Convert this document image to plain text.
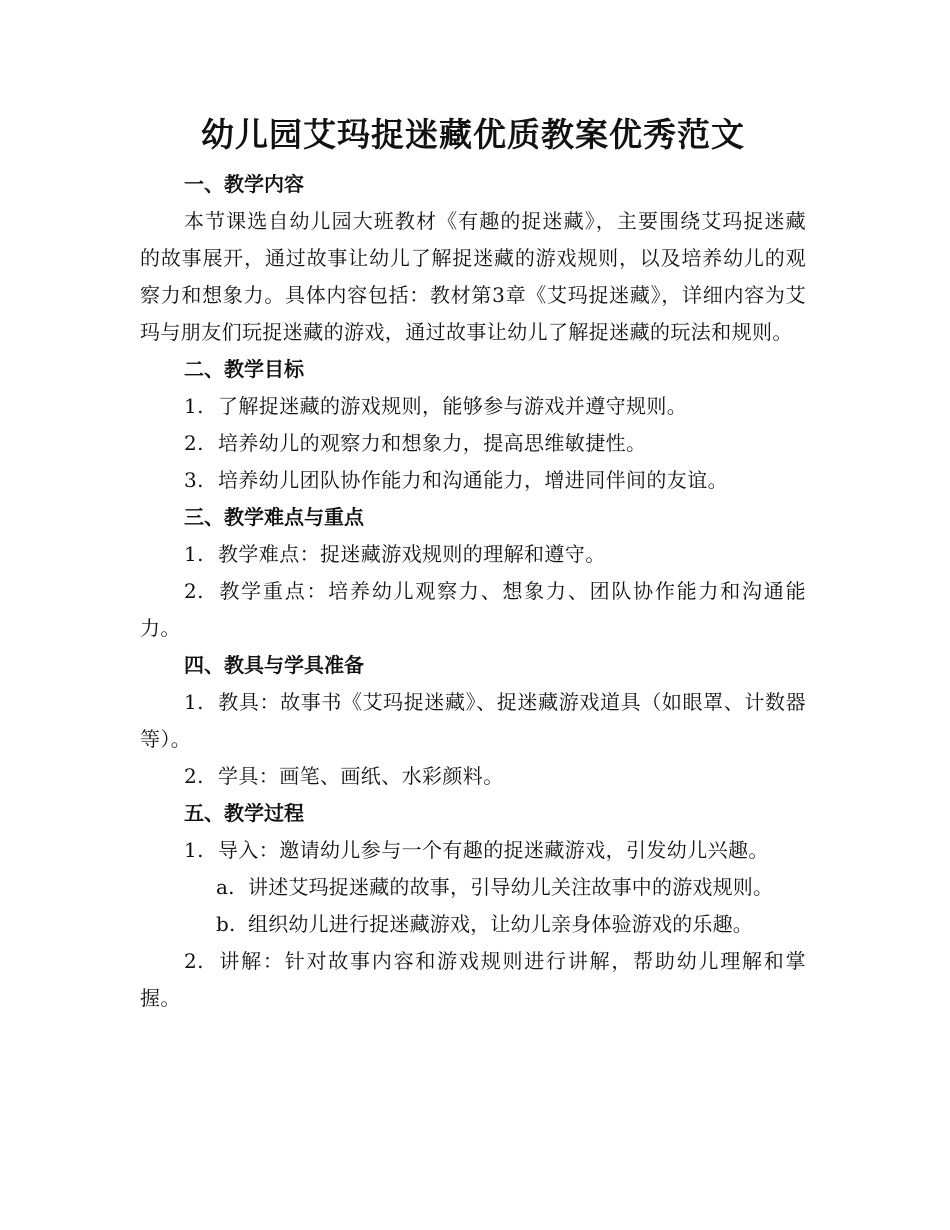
幼儿园艾玛捉迷藏优质教案优秀范文

一、教学内容

本节课选自幼儿园大班教材《有趣的捉迷藏》，主要围绕艾玛捉迷藏的故事展开，通过故事让幼儿了解捉迷藏的游戏规则，以及培养幼儿的观察力和想象力。具体内容包括：教材第3章《艾玛捉迷藏》，详细内容为艾玛与朋友们玩捉迷藏的游戏，通过故事让幼儿了解捉迷藏的玩法和规则。

二、教学目标

1. 了解捉迷藏的游戏规则，能够参与游戏并遵守规则。

2. 培养幼儿的观察力和想象力，提高思维敏捷性。

3. 培养幼儿团队协作能力和沟通能力，增进同伴间的友谊。

三、教学难点与重点

1. 教学难点：捉迷藏游戏规则的理解和遵守。

2. 教学重点：培养幼儿观察力、想象力、团队协作能力和沟通能力。

四、教具与学具准备

1. 教具：故事书《艾玛捉迷藏》、捉迷藏游戏道具（如眼罩、计数器等）。

2. 学具：画笔、画纸、水彩颜料。

五、教学过程

1. 导入：邀请幼儿参与一个有趣的捉迷藏游戏，引发幼儿兴趣。

a. 讲述艾玛捉迷藏的故事，引导幼儿关注故事中的游戏规则。

b. 组织幼儿进行捉迷藏游戏，让幼儿亲身体验游戏的乐趣。

2. 讲解：针对故事内容和游戏规则进行讲解，帮助幼儿理解和掌握。
